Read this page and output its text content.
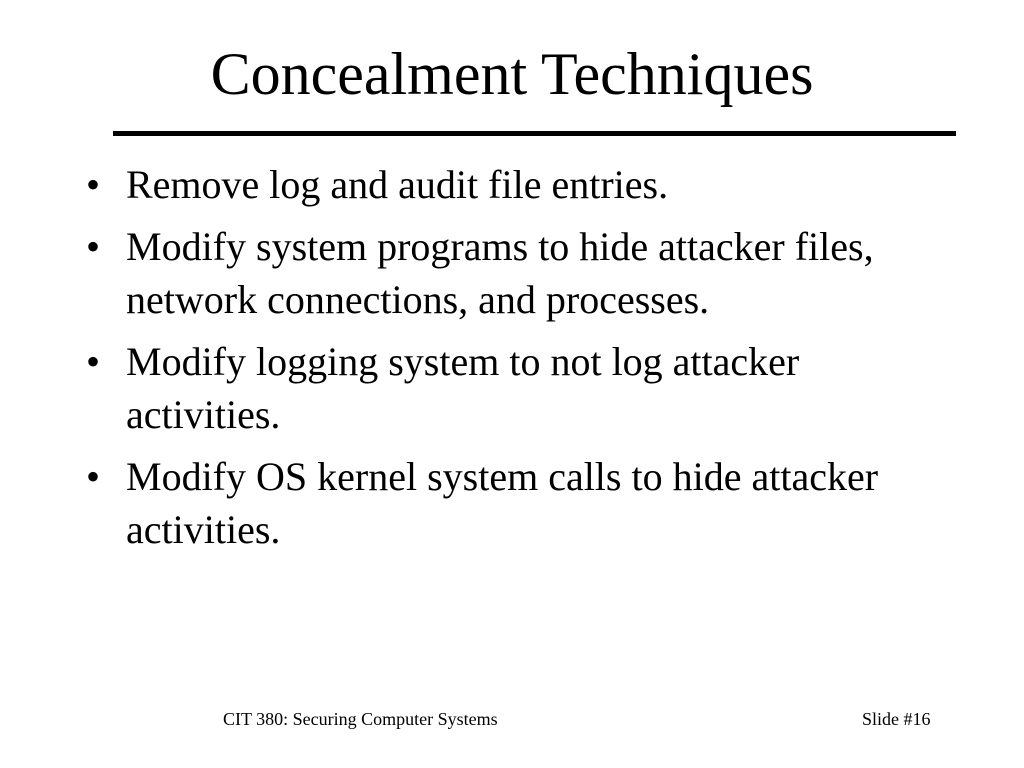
Concealment Techniques
• Remove log and audit file entries.
• Modify system programs to hide attacker files, network connections, and processes.
• Modify logging system to not log attacker activities.
• Modify OS kernel system calls to hide attacker activities.
CIT 380: Securing Computer Systems	Slide #16
